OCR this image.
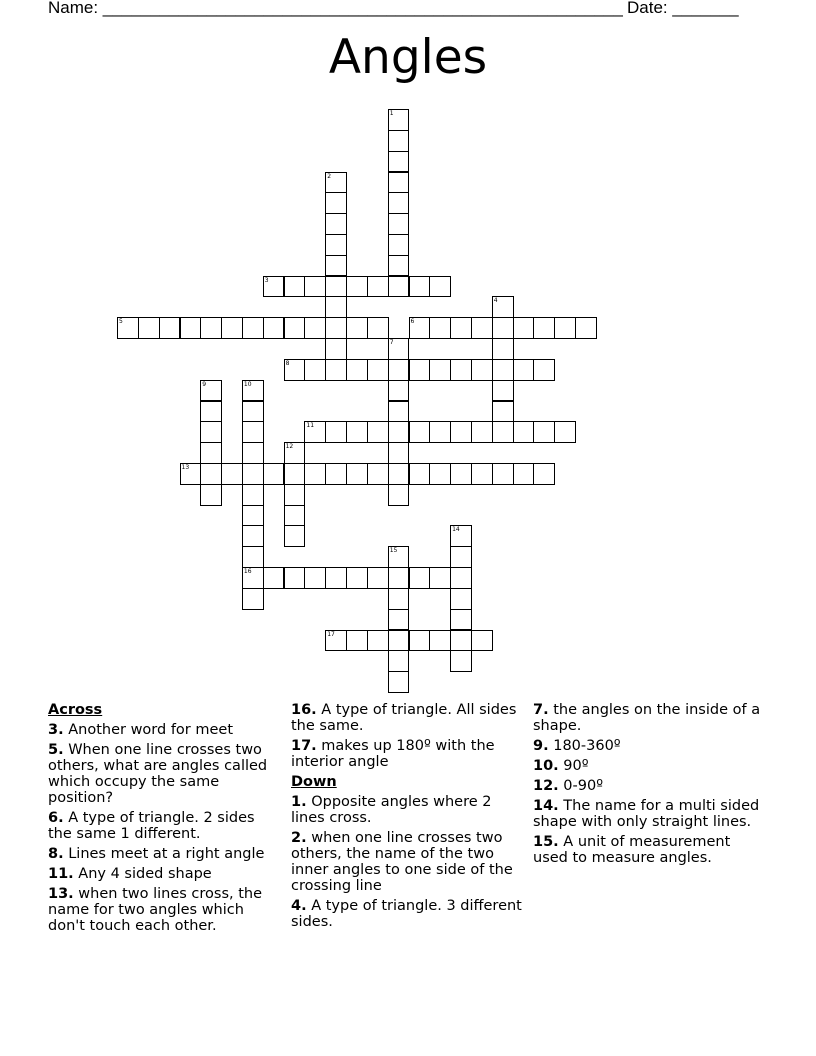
Name: _______________________________________________________ Date: _______
Angles
1
2
3
4
5	6
7
8
9	10
16
11
12
13
14
15
17
Across
3. Another word for meet
5. When one line crosses two others, what are angles called which occupy the same position?
6. A type of triangle. 2 sides the same 1 different.
8. Lines meet at a right angle
11. Any 4 sided shape
13. when two lines cross, the name for two angles which don't touch each other.
16. A type of triangle. All sides the same.
17. makes up 180º with the interior angle
Down
1. Opposite angles where 2 lines cross.
2. when one line crosses two others, the name of the two inner angles to one side of the crossing line
4. A type of triangle. 3 different sides.
7. the angles on the inside of a shape.
9. 180-360º
10. 90º
12. 0-90º
14. The name for a multi sided shape with only straight lines.
15. A unit of measurement used to measure angles.
